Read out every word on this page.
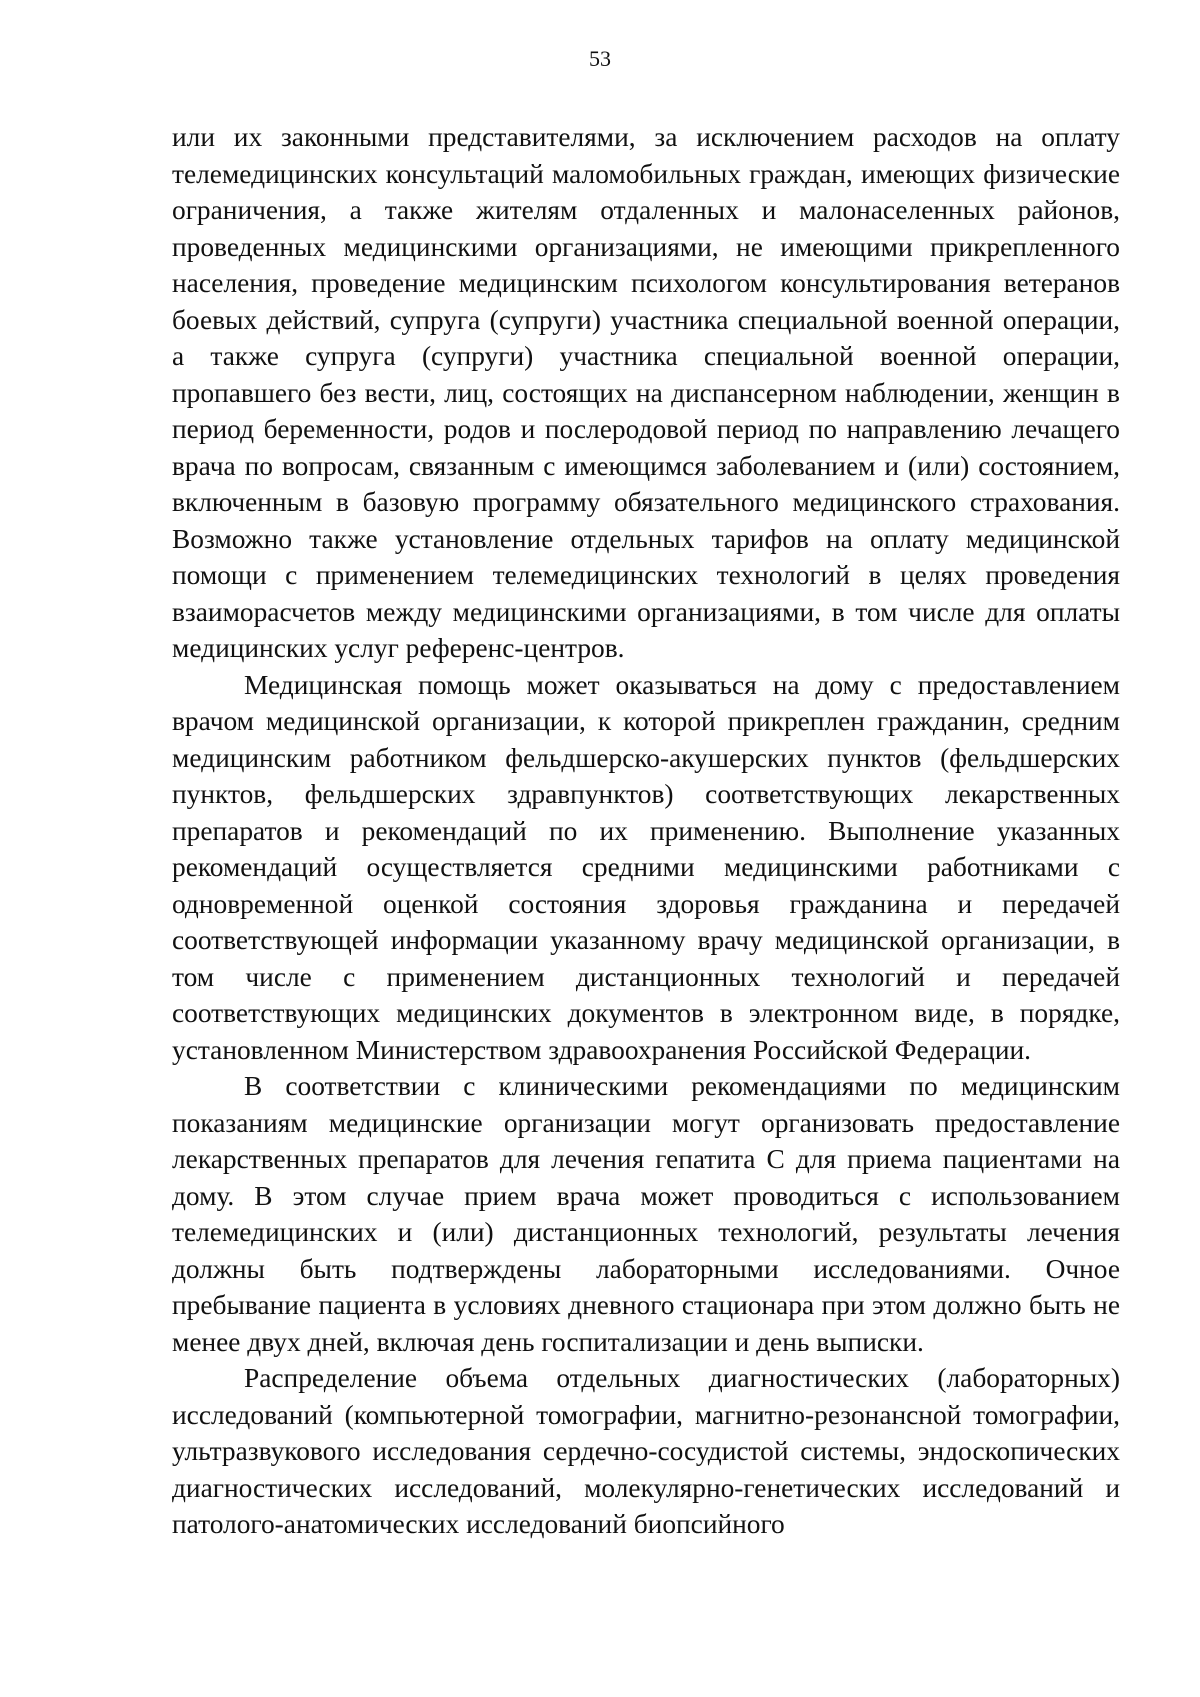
53

или их законными представителями, за исключением расходов на оплату телемедицинских консультаций маломобильных граждан, имеющих физические ограничения, а также жителям отдаленных и малонаселенных районов, проведенных медицинскими организациями, не имеющими прикрепленного населения, проведение медицинским психологом консультирования ветеранов боевых действий, супруга (супруги) участника специальной военной операции, а также супруга (супруги) участника специальной военной операции, пропавшего без вести, лиц, состоящих на диспансерном наблюдении, женщин в период беременности, родов и послеродовой период по направлению лечащего врача по вопросам, связанным с имеющимся заболеванием и (или) состоянием, включенным в базовую программу обязательного медицинского страхования. Возможно также установление отдельных тарифов на оплату медицинской помощи с применением телемедицинских технологий в целях проведения взаиморасчетов между медицинскими организациями, в том числе для оплаты медицинских услуг референс-центров.

Медицинская помощь может оказываться на дому с предоставлением врачом медицинской организации, к которой прикреплен гражданин, средним медицинским работником фельдшерско-акушерских пунктов (фельдшерских пунктов, фельдшерских здравпунктов) соответствующих лекарственных препаратов и рекомендаций по их применению. Выполнение указанных рекомендаций осуществляется средними медицинскими работниками с одновременной оценкой состояния здоровья гражданина и передачей соответствующей информации указанному врачу медицинской организации, в том числе с применением дистанционных технологий и передачей соответствующих медицинских документов в электронном виде, в порядке, установленном Министерством здравоохранения Российской Федерации.

В соответствии с клиническими рекомендациями по медицинским показаниям медицинские организации могут организовать предоставление лекарственных препаратов для лечения гепатита С для приема пациентами на дому. В этом случае прием врача может проводиться с использованием телемедицинских и (или) дистанционных технологий, результаты лечения должны быть подтверждены лабораторными исследованиями. Очное пребывание пациента в условиях дневного стационара при этом должно быть не менее двух дней, включая день госпитализации и день выписки.

Распределение объема отдельных диагностических (лабораторных) исследований (компьютерной томографии, магнитно-резонансной томографии, ультразвукового исследования сердечно-сосудистой системы, эндоскопических диагностических исследований, молекулярно-генетических исследований и патолого-анатомических исследований биопсийного
